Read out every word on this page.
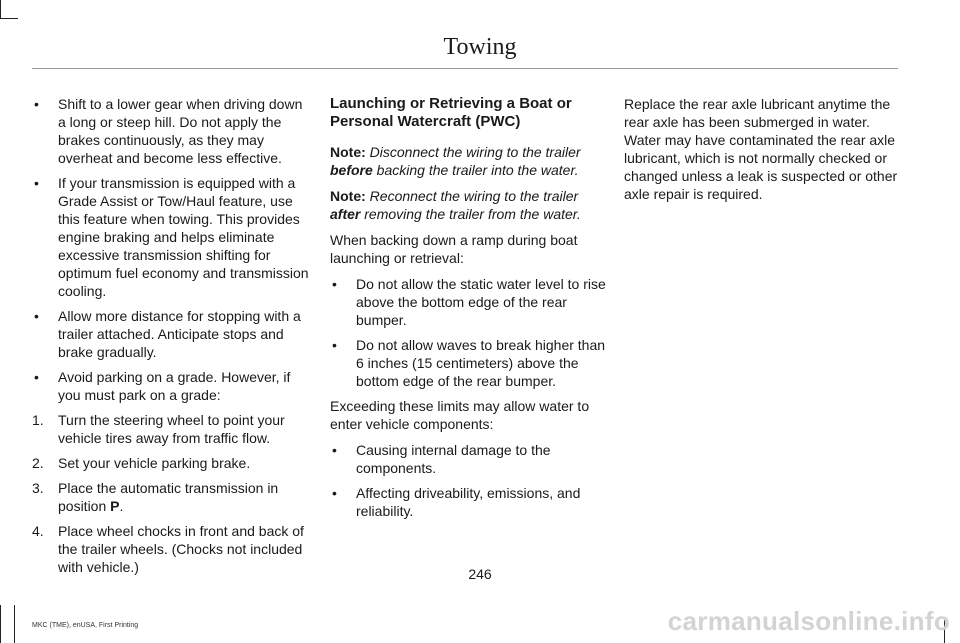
Towing
•	Shift to a lower gear when driving down a long or steep hill. Do not apply the brakes continuously, as they may overheat and become less effective.
•	If your transmission is equipped with a Grade Assist or Tow/Haul feature, use this feature when towing. This provides engine braking and helps eliminate excessive transmission shifting for optimum fuel economy and transmission cooling.
•	Allow more distance for stopping with a trailer attached. Anticipate stops and brake gradually.
•	Avoid parking on a grade. However, if you must park on a grade:
1.	Turn the steering wheel to point your vehicle tires away from traffic flow.
2.	Set your vehicle parking brake.
3.	Place the automatic transmission in position P.
4.	Place wheel chocks in front and back of the trailer wheels. (Chocks not included with vehicle.)
Launching or Retrieving a Boat or Personal Watercraft (PWC)

Note: Disconnect the wiring to the trailer before backing the trailer into the water.

Note: Reconnect the wiring to the trailer after removing the trailer from the water.

When backing down a ramp during boat launching or retrieval:

•	Do not allow the static water level to rise above the bottom edge of the rear bumper.
•	Do not allow waves to break higher than 6 inches (15 centimeters) above the bottom edge of the rear bumper.

Exceeding these limits may allow water to enter vehicle components:

•	Causing internal damage to the components.
•	Affecting driveability, emissions, and reliability.

Replace the rear axle lubricant anytime the rear axle has been submerged in water. Water may have contaminated the rear axle lubricant, which is not normally checked or changed unless a leak is suspected or other axle repair is required.

246
MKC (TME), enUSA, First Printing	carmanualsonline.info
